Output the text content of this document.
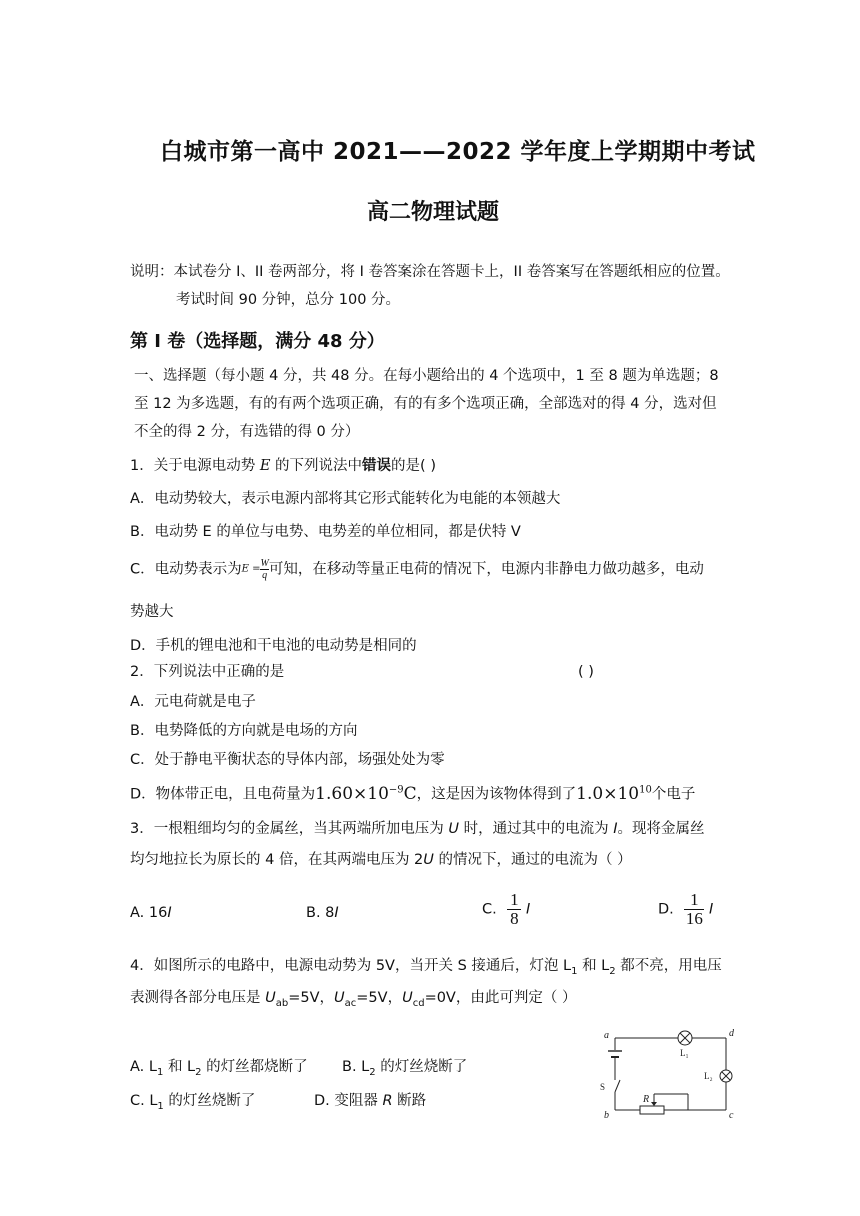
白城市第一高中 2021——2022 学年度上学期期中考试
高二物理试题
说明：本试卷分 I、II 卷两部分，将 I 卷答案涂在答题卡上，II 卷答案写在答题纸相应的位置。
考试时间 90 分钟，总分 100 分。
第 I 卷（选择题，满分 48 分）
一、选择题（每小题 4 分，共 48 分。在每小题给出的 4 个选项中，1 至 8 题为单选题；8
至 12 为多选题，有的有两个选项正确，有的有多个选项正确，全部选对的得 4 分，选对但
不全的得 2 分，有选错的得 0 分）
1．关于电源电动势 E 的下列说法中错误的是( )
A．电动势较大，表示电源内部将其它形式能转化为电能的本领越大
B．电动势 E 的单位与电势、电势差的单位相同，都是伏特 V
C．电动势表示为$E = \frac{W}{q}$ 可知，在移动等量正电荷的情况下，电源内非静电力做功越多，电动
势越大
D．手机的锂电池和干电池的电动势是相同的
2．下列说法中正确的是	( )
A．元电荷就是电子
B．电势降低的方向就是电场的方向
C．处于静电平衡状态的导体内部，场强处处为零
D．物体带正电，且电荷量为$1.60\times 10^{-9}C$，这是因为该物体得到了$1.0\times 10^{10}$个电子
3．一根粗细均匀的金属丝，当其两端所加电压为 U 时，通过其中的电流为 I。现将金属丝
均匀地拉长为原长的 4 倍，在其两端电压为 2U 的情况下，通过的电流为（ ）
A. 16I	B. 8I	C. $\frac{1}{8}$ I	D. $\frac{1}{16}$ I
4．如图所示的电路中，电源电动势为 5V，当开关 S 接通后，灯泡 $L_1$ 和 $L_2$ 都不亮，用电压
表测得各部分电压是 $U_{ab}=5V$，$U_{ac}=5V$，$U_{cd}=0V$，由此可判定（ ）
A. $L_1$ 和 $L_2$ 的灯丝都烧断了 B. $L_2$ 的灯丝烧断了
C. $L_1$ 的灯丝烧断了	D. 变阻器 R 断路
a	d
b	c
L₁
L₂
S
R
